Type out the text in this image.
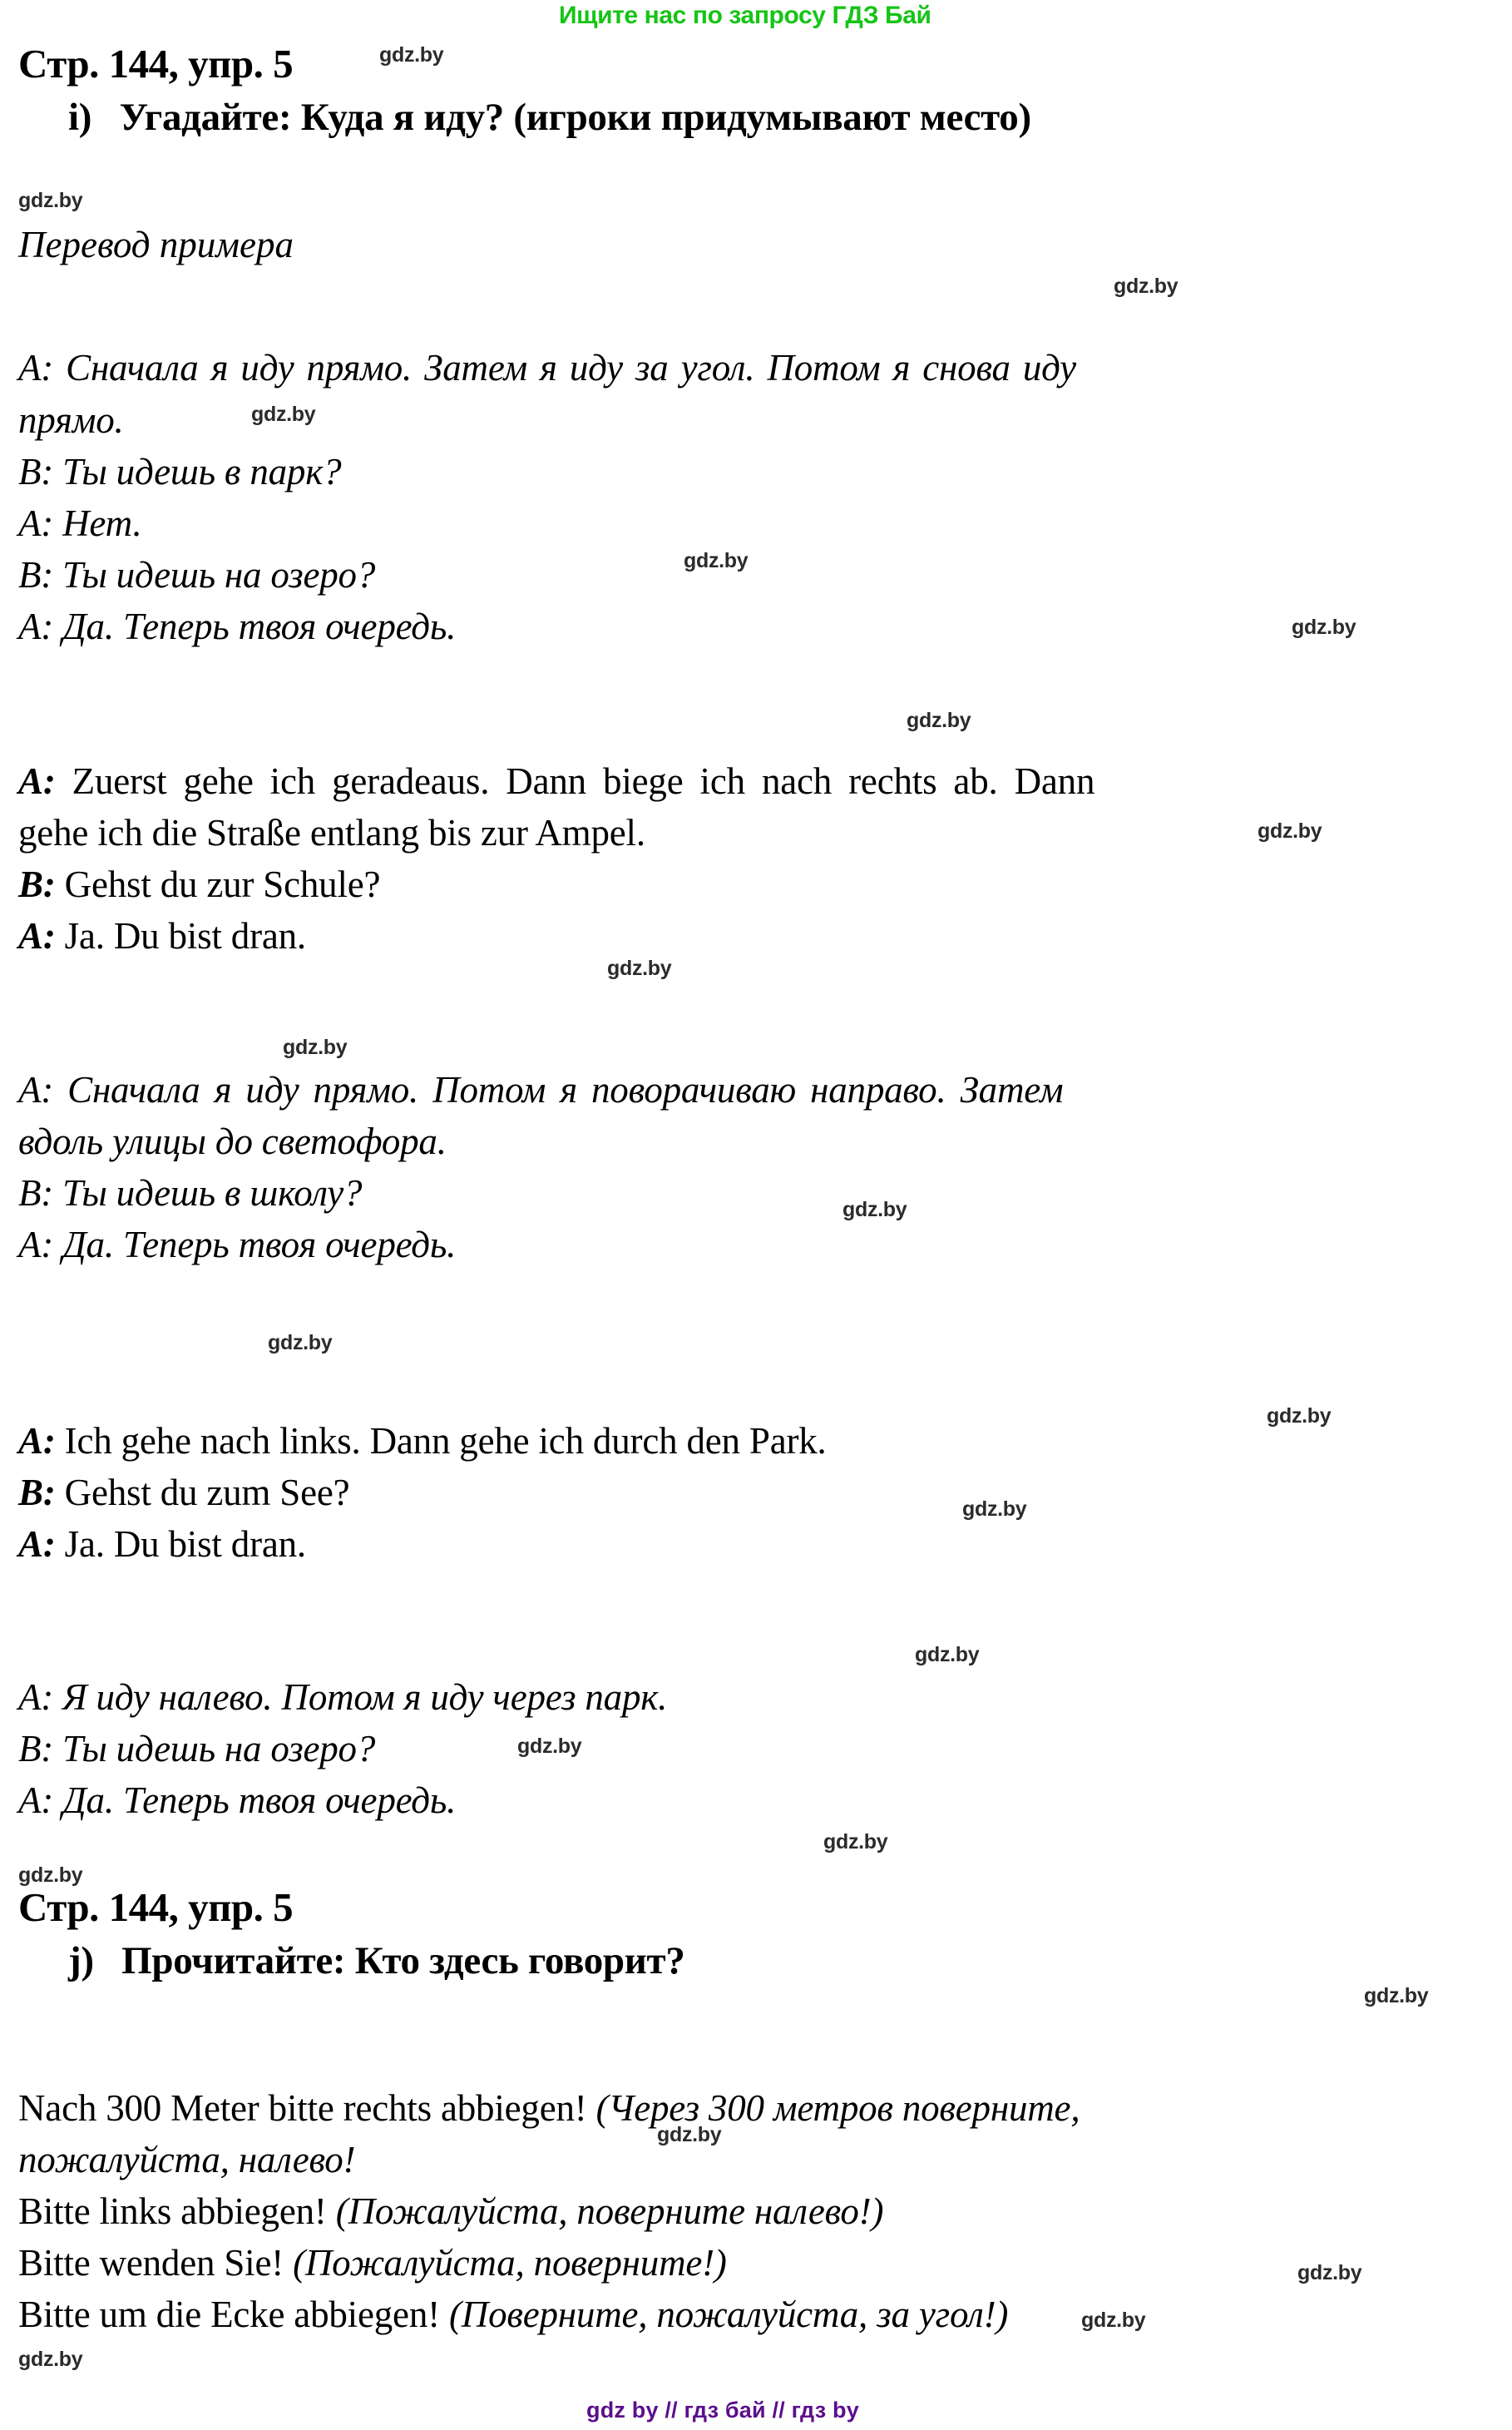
Ищите нас по запросу ГДЗ Бай
Стр. 144, упр. 5
i) Угадайте: Куда я иду? (игроки придумывают место)
Перевод примера
A: Сначала я иду прямо. Затем я иду за угол. Потом я снова иду
прямо.
B: Ты идешь в парк?
A: Нет.
B: Ты идешь на озеро?
A: Да. Теперь твоя очередь.
A: Zuerst gehe ich geradeaus. Dann biege ich nach rechts ab. Dann
gehe ich die Straße entlang bis zur Ampel.
B: Gehst du zur Schule?
A: Ja. Du bist dran.
A: Сначала я иду прямо. Потом я поворачиваю направо. Затем
вдоль улицы до светофора.
B: Ты идешь в школу?
A: Да. Теперь твоя очередь.
A: Ich gehe nach links. Dann gehe ich durch den Park.
B: Gehst du zum See?
A: Ja. Du bist dran.
A: Я иду налево. Потом я иду через парк.
B: Ты идешь на озеро?
A: Да. Теперь твоя очередь.
Стр. 144, упр. 5
j) Прочитайте: Кто здесь говорит?
Nach 300 Meter bitte rechts abbiegen! (Через 300 метров поверните,
пожалуйста, налево!
Bitte links abbiegen! (Пожалуйста, поверните налево!)
Bitte wenden Sie! (Пожалуйста, поверните!)
Bitte um die Ecke abbiegen! (Поверните, пожалуйста, за угол!)
gdz by // гдз бай // гдз by
gdz.by
gdz.by
gdz.by
gdz.by
gdz.by
gdz.by
gdz.by
gdz.by
gdz.by
gdz.by
gdz.by
gdz.by
gdz.by
gdz.by
gdz.by
gdz.by
gdz.by
gdz.by
gdz.by
gdz.by
gdz.by
gdz.by
gdz.by
